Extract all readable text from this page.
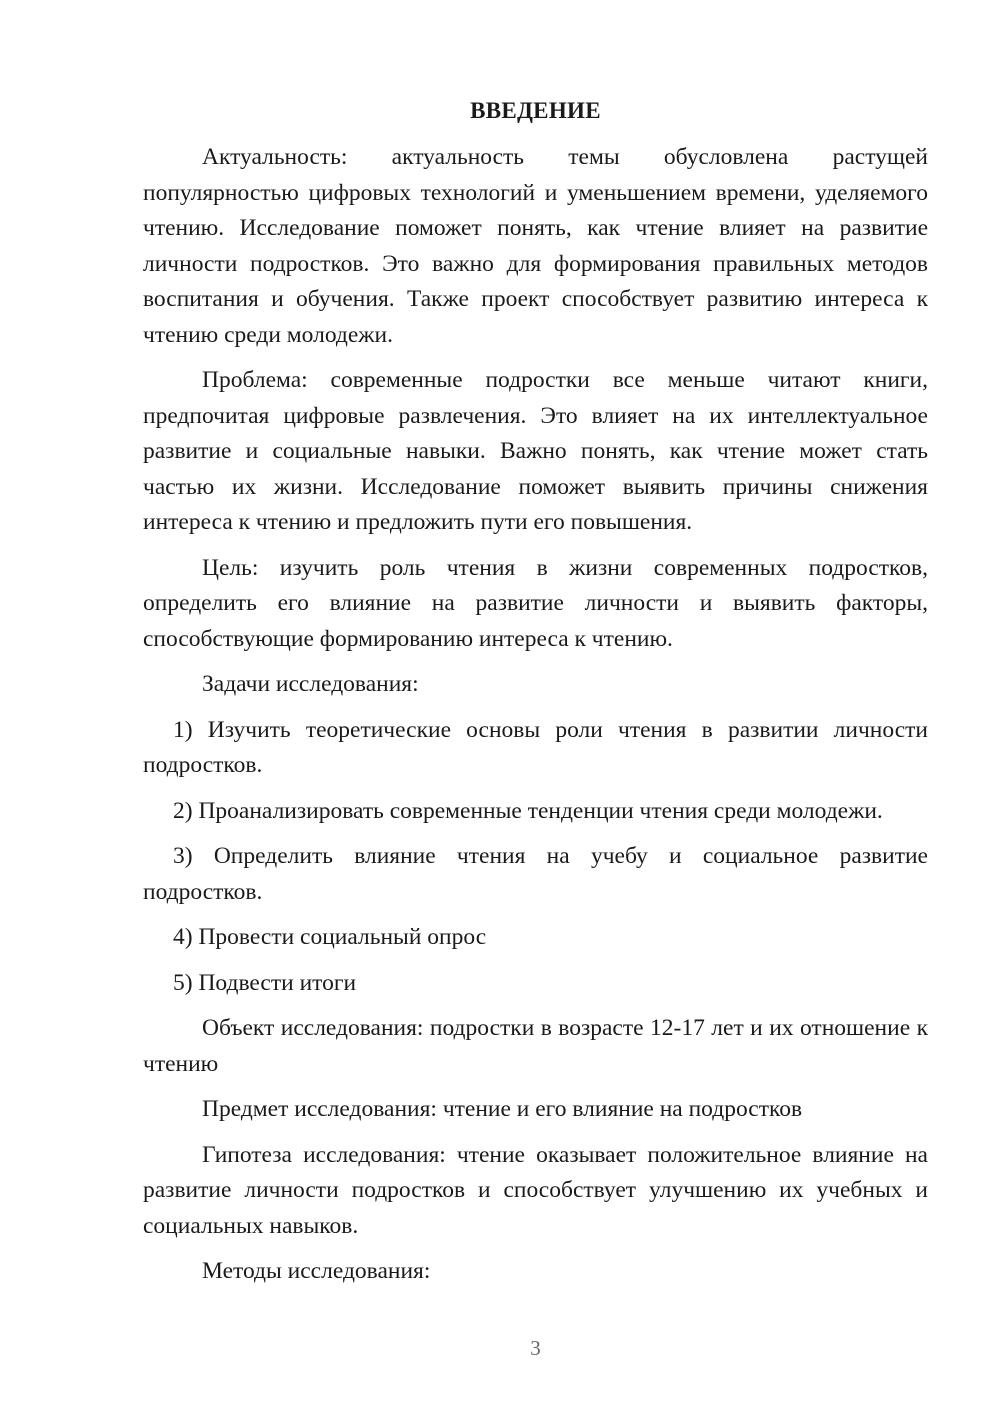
ВВЕДЕНИЕ

Актуальность: актуальность темы обусловлена растущей популярностью цифровых технологий и уменьшением времени, уделяемого чтению. Исследование поможет понять, как чтение влияет на развитие личности подростков. Это важно для формирования правильных методов воспитания и обучения. Также проект способствует развитию интереса к чтению среди молодежи.

Проблема: современные подростки все меньше читают книги, предпочитая цифровые развлечения. Это влияет на их интеллектуальное развитие и социальные навыки. Важно понять, как чтение может стать частью их жизни. Исследование поможет выявить причины снижения интереса к чтению и предложить пути его повышения.

Цель: изучить роль чтения в жизни современных подростков, определить его влияние на развитие личности и выявить факторы, способствующие формированию интереса к чтению.

Задачи исследования:

1) Изучить теоретические основы роли чтения в развитии личности подростков.

2) Проанализировать современные тенденции чтения среди молодежи.

3) Определить влияние чтения на учебу и социальное развитие подростков.

4) Провести социальный опрос

5) Подвести итоги

Объект исследования: подростки в возрасте 12-17 лет и их отношение к чтению

Предмет исследования: чтение и его влияние на подростков

Гипотеза исследования: чтение оказывает положительное влияние на развитие личности подростков и способствует улучшению их учебных и социальных навыков.

Методы исследования:

3
